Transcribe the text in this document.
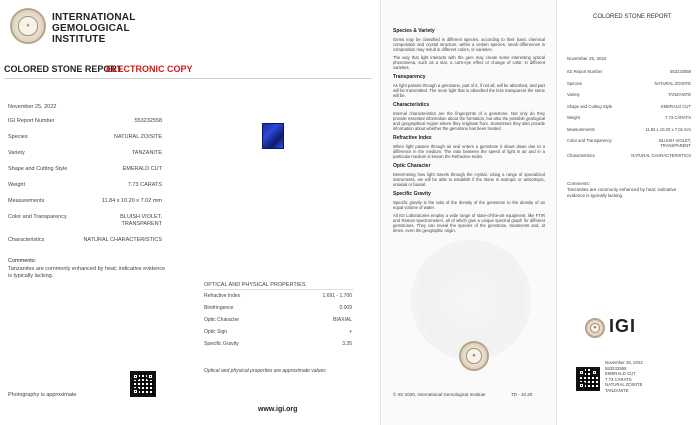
✦
INTERNATIONAL
GEMOLOGICAL
INSTITUTE
COLORED STONE REPORT
ELECTRONIC COPY
November 25, 2022
IGI Report Number	553232558
Species	NATURAL ZOISITE
Variety	TANZANITE
Shape and Cutting Style	EMERALD CUT
Weight	7.73 CARATS
Measurements	11.84 x 10.20 x 7.02 mm
Color and Transparency	BLUISH VIOLET,
TRANSPARENT
Characteristics	NATURAL CHARACTERISTICS
Comments:
Tanzanites are commonly enhanced by heat; indicative evidence is typically lacking.
OPTICAL AND PHYSICAL PROPERTIES
Refractive Index	1.691 - 1.700
Birefringence	0.009
Optic Character	BIAXIAL
Optic Sign	+
Specific Gravity	3.35
Optical and physical properties are approximate values
www.igi.org
Photography is approximate
Species & Variety
Gems may be classified in different species, according to their basic chemical composition and crystal structure; within a certain species, small differences in composition may result in different colors, or varieties.
The way that light interacts with the gem may create some interesting optical phenomena, such as a star, a cat's-eye effect or change of color, in different varieties.
Transparency
As light passes through a gemstone, part of it, if not all, will be absorbed, and part will be transmitted. The more light that is absorbed the less transparent the stone will be.
Characteristics
Internal characteristics are the fingerprints of a gemstone. Not only do they provide essential information about the formation, but also the possible geological and geographical region where they originate from. Sometimes they also provide information about whether the gemstone has been treated.
Refractive Index
When light passes through air and enters a gemstone it slows down due to a difference in the medium. The ratio between the speed of light in air and in a particular medium is known the Refractive Index.
Optic Character
Determining how light travels through the crystal. Using a range of specialized instruments, we will be able to establish if the stone is isotropic or anisotropic, uniaxial or biaxial.
Specific Gravity
Specific gravity is the ratio of the density of the gemstone to the density of an equal volume of water.
All IGI Laboratories employ a wide range of state-of-the-art equipment, like FTIR and Raman spectrometers, all of which give a unique spectral graph for different gemstones. They can reveal the species of the gemstone, treatments and, at times, even the geographic origin.
✦
© IGI 2020, International Gemological Institute	TD - 10.20
COLORED STONE REPORT
November 25, 2022
IGI Report Number	553232558
Species	NATURAL ZOISITE
Variety	TANZANITE
Shape and Cutting Style	EMERALD CUT
Weight	7.73 CARATS
Measurements	11.84 x 10.20 x 7.02 mm
Color and Transparency	BLUISH VIOLET,
TRANSPARENT
Characteristics	NATURAL CHARACTERISTICS
Comments:
Tanzanites are commonly enhanced by heat; indicative evidence is typically lacking.
✦ IGI
November 25, 2022
553232558
EMERALD CUT
7.73 CARATS
NATURAL ZOISITE
TANZANITE
